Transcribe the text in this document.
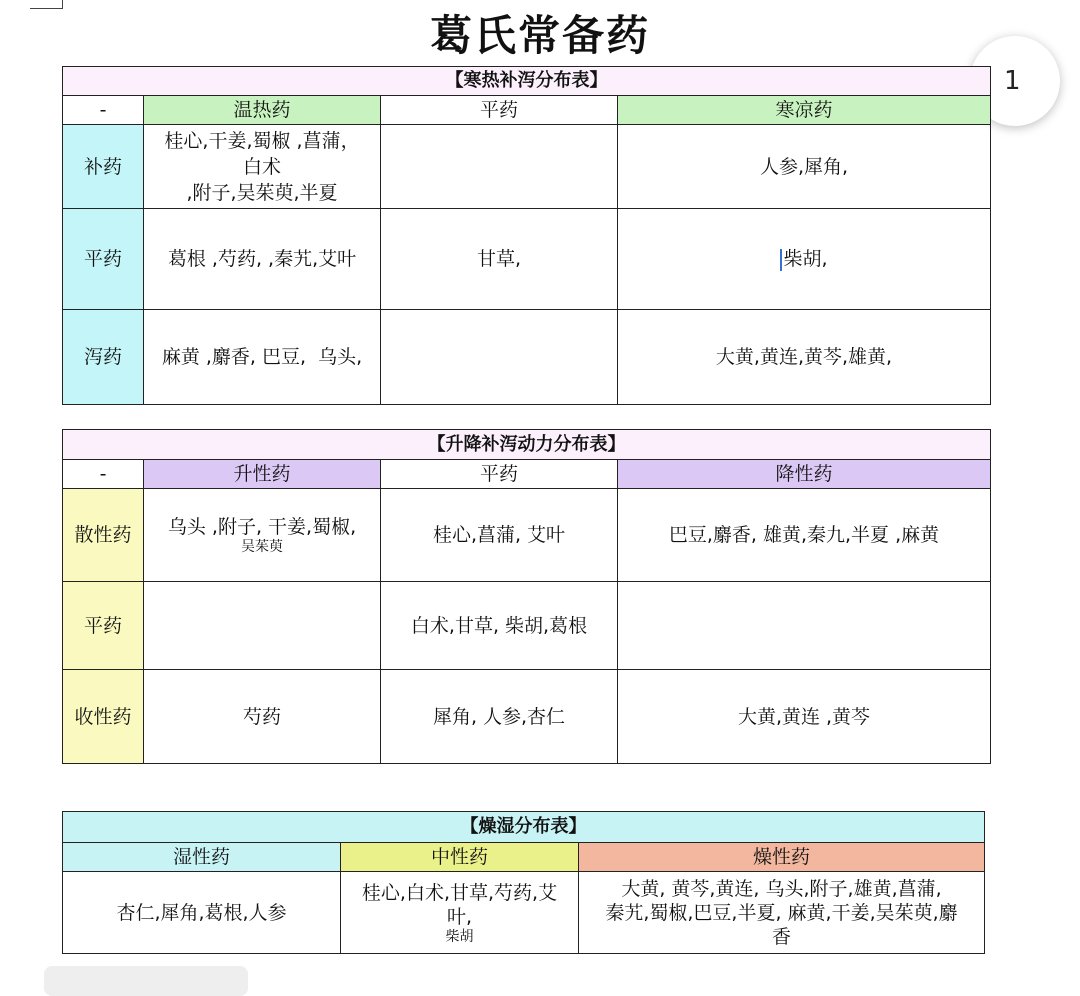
葛氏常备药
1
【寒热补泻分布表】			
-	温热药	平药	寒凉药
补药	桂心,干姜,蜀椒 ,菖蒲，
白术
,附子,吴茱萸,半夏		人参,犀角,
平药	葛根 ,芍药, ,秦艽,艾叶	甘草,	柴胡,
泻药	麻黄 ,麝香, 巴豆,  乌头,		大黄,黄连,黄芩,雄黄,
【升降补泻动力分布表】			
-	升性药	平药	降性药
散性药	乌头 ,附子, 干姜,蜀椒,
吴茱萸	桂心,菖蒲, 艾叶	巴豆,麝香, 雄黄,秦九,半夏 ,麻黄
平药		白术,甘草, 柴胡,葛根	
收性药	芍药	犀角, 人参,杏仁	大黄,黄连 ,黄芩
【燥湿分布表】		
湿性药	中性药	燥性药
杏仁,犀角,葛根,人参	桂心,白术,甘草,芍药,艾
叶,
柴胡	大黄, 黄芩,黄连, 乌头,附子,雄黄,菖蒲,
秦艽,蜀椒,巴豆,半夏, 麻黄,干姜,吴茱萸,麝
香
